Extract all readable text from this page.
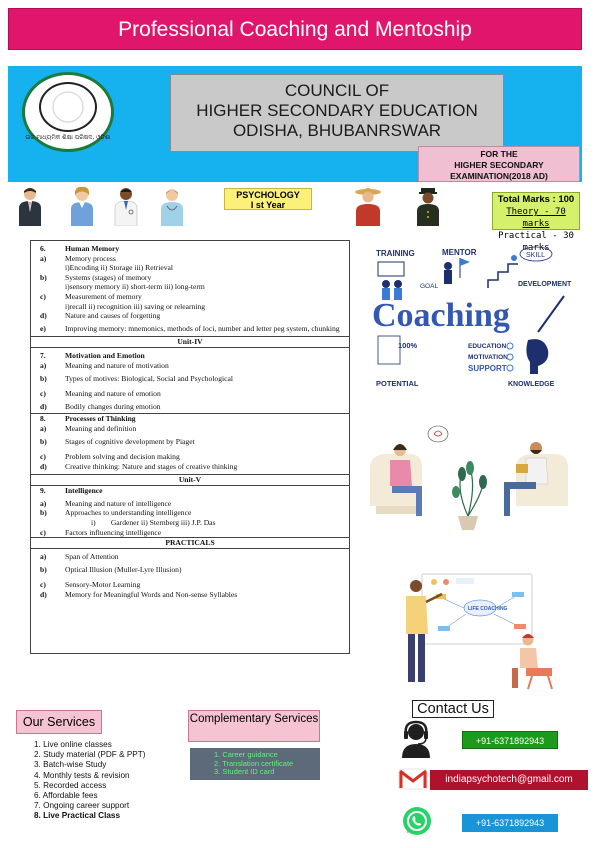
Professional Coaching and Mentoship
ଉଚ୍ଚ ମାଧ୍ୟମିକ ଶିକ୍ଷା ପରିଷଦ, ଓଡ଼ିଶା
COUNCIL OF
HIGHER SECONDARY EDUCATION
ODISHA, BHUBANRSWAR
FOR THE
HIGHER SECONDARY
EXAMINATION(2018 AD)
PSYCHOLOGY
I st Year	Total Marks : 100
Theory - 70 marks
Practical - 30 marks
6.	Human Memory
a)	Memory process
i)Encoding ii) Storage iii) Retrieval
b)	Systems (stages) of memory
i)sensory memory ii) short-term iii) long-term
c)	Measurement of memory
i)recall ii) recognition iii) saving or relearning
d)	Nature and causes of forgetting
e)	Improving memory: mnemonics, methods of loci, number and letter peg system, chunking
Unit-IV
7.	Motivation and Emotion
a)	Meaning and nature of motivation
b)	Types of motives: Biological, Social and Psychological
c)	Meaning and nature of emotion
d)	Bodily changes during emotion
8.	Processes of Thinking
a)	Meaning and definition
b)	Stages of cognitive development by Piaget
c)	Problem solving and decision making
d)	Creative thinking: Nature and stages of creative thinking
Unit-V
9.	Intelligence
a)	Meaning and nature of intelligence
b)	Approaches to understanding intelligence
i)        Gardener ii) Sternberg iii) J.P. Das
c)	Factors influencing intelligence
PRACTICALS
a)	Span of Attention
b)	Optical Illusion (Muller-Lyre Illusion)
c)	Sensory-Motor Learning
d)	Memory for Meaningful Words and Non-sense Syllables
TRAINING	MENTOR	SKILL
GOAL	DEVELOPMENT
Coaching
100%	EDUCATION
MOTIVATION
SUPPORT
POTENTIAL	KNOWLEDGE
LIFE COACHING
Our Services
1. Live online classes
2. Study material (PDF & PPT)
3. Batch-wise Study
4. Monthly tests & revision
5. Recorded access
6. Affordable fees
7. Ongoing career support
8. Live Practical Class
Complementary Services
1. Career guidance
2. Translation certificate
3. Student ID card
Contact Us
+91-6371892943
indiapsychotech@gmail.com
+91-6371892943
